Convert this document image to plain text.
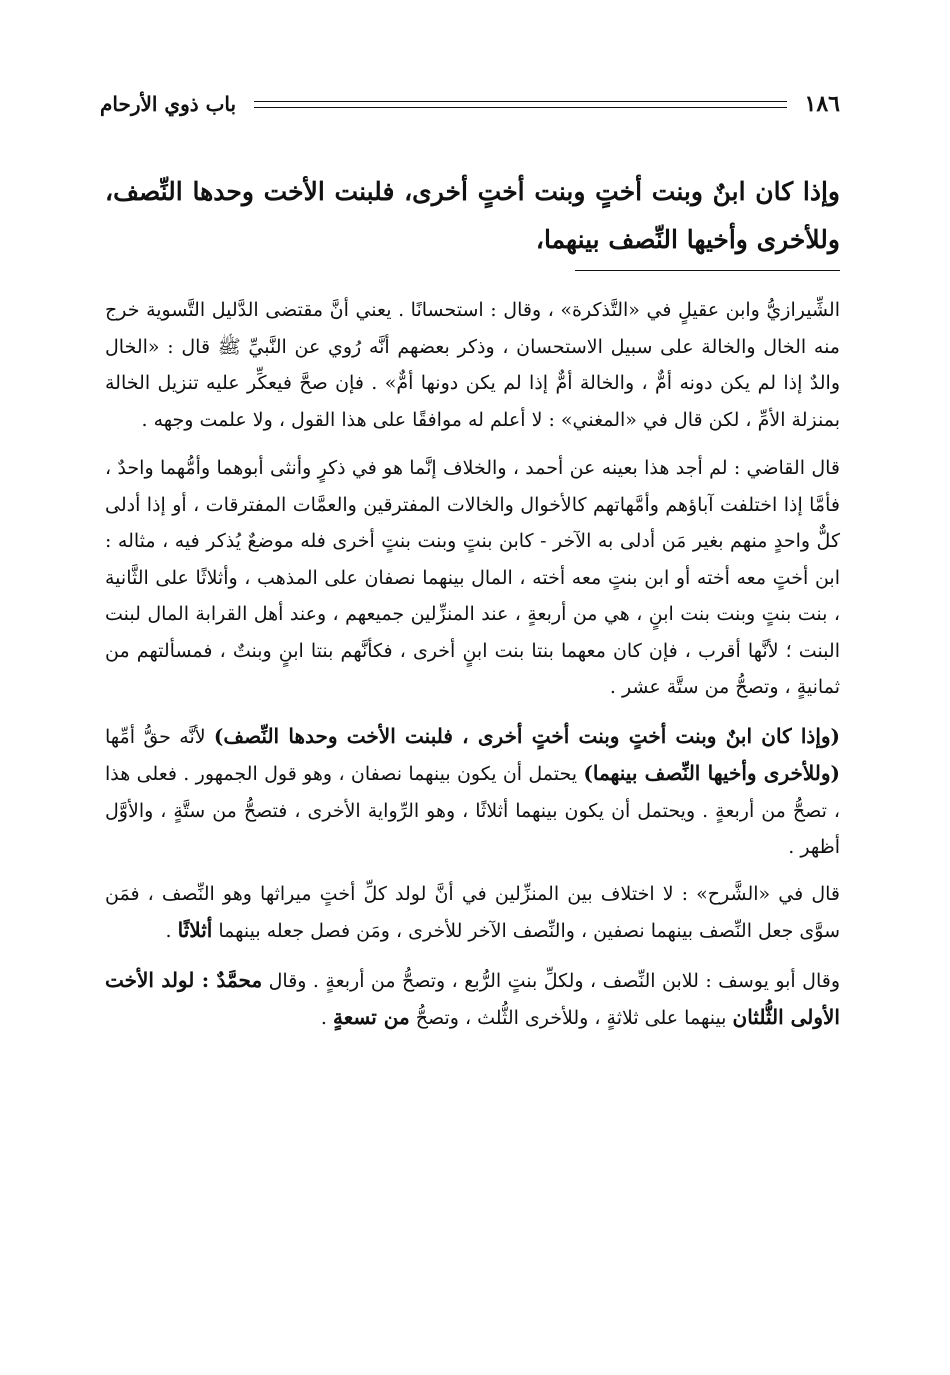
باب ذوي الأرحام	١٨٦
وإذا كان ابنٌ وبنت أختٍ وبنت أختٍ أخرى، فلبنت الأخت وحدها النِّصف، وللأخرى وأخيها النِّصف بينهما،

الشِّيرازيُّ وابن عقيلٍ في «التَّذكرة» ، وقال : استحسانًا . يعني أنَّ مقتضى الدَّليل التَّسوية خرج منه الخال والخالة على سبيل الاستحسان ، وذكر بعضهم أنَّه رُوي عن النَّبيِّ ﷺ قال : «الخال والدٌ إذا لم يكن دونه أمٌّ ، والخالة أمٌّ إذا لم يكن دونها أمٌّ» . فإن صحَّ فيعكِّر عليه تنزيل الخالة بمنزلة الأمِّ ، لكن قال في «المغني» : لا أعلم له موافقًا على هذا القول ، ولا علمت وجهه .

قال القاضي : لم أجد هذا بعينه عن أحمد ، والخلاف إنَّما هو في ذكرٍ وأنثى أبوهما وأمُّهما واحدٌ ، فأمَّا إذا اختلفت آباؤهم وأمَّهاتهم كالأخوال والخالات المفترقين والعمَّات المفترقات ، أو إذا أدلى كلٌّ واحدٍ منهم بغير مَن أدلى به الآخر - كابن بنتٍ وبنت بنتٍ أخرى فله موضعٌ يُذكر فيه ، مثاله : ابن أختٍ معه أخته أو ابن بنتٍ معه أخته ، المال بينهما نصفان على المذهب ، وأثلاثًا على الثَّانية ، بنت بنتٍ وبنت بنت ابنٍ ، هي من أربعةٍ ، عند المنزِّلين جميعهم ، وعند أهل القرابة المال لبنت البنت ؛ لأنَّها أقرب ، فإن كان معهما بنتا بنت ابنٍ أخرى ، فكأنَّهم بنتا ابنٍ وبنتٌ ، فمسألتهم من ثمانيةٍ ، وتصحُّ من ستَّة عشر .

(وإذا كان ابنٌ وبنت أختٍ وبنت أختٍ أخرى ، فلبنت الأخت وحدها النِّصف) لأنَّه حقُّ أمِّها (وللأخرى وأخيها النِّصف بينهما) يحتمل أن يكون بينهما نصفان ، وهو قول الجمهور . فعلى هذا ، تصحُّ من أربعةٍ . ويحتمل أن يكون بينهما أثلاثًا ، وهو الرِّواية الأخرى ، فتصحُّ من ستَّةٍ ، والأوَّل أظهر .

قال في «الشَّرح» : لا اختلاف بين المنزِّلين في أنَّ لولد كلِّ أختٍ ميراثها وهو النِّصف ، فمَن سوَّى جعل النِّصف بينهما نصفين ، والنِّصف الآخر للأخرى ، ومَن فصل جعله بينهما أثلاثًا .

وقال أبو يوسف : للابن النِّصف ، ولكلِّ بنتٍ الرُّبع ، وتصحُّ من أربعةٍ . وقال محمَّدٌ : لولد الأخت الأولى الثُّلثان بينهما على ثلاثةٍ ، وللأخرى الثُّلث ، وتصحُّ من تسعةٍ .
